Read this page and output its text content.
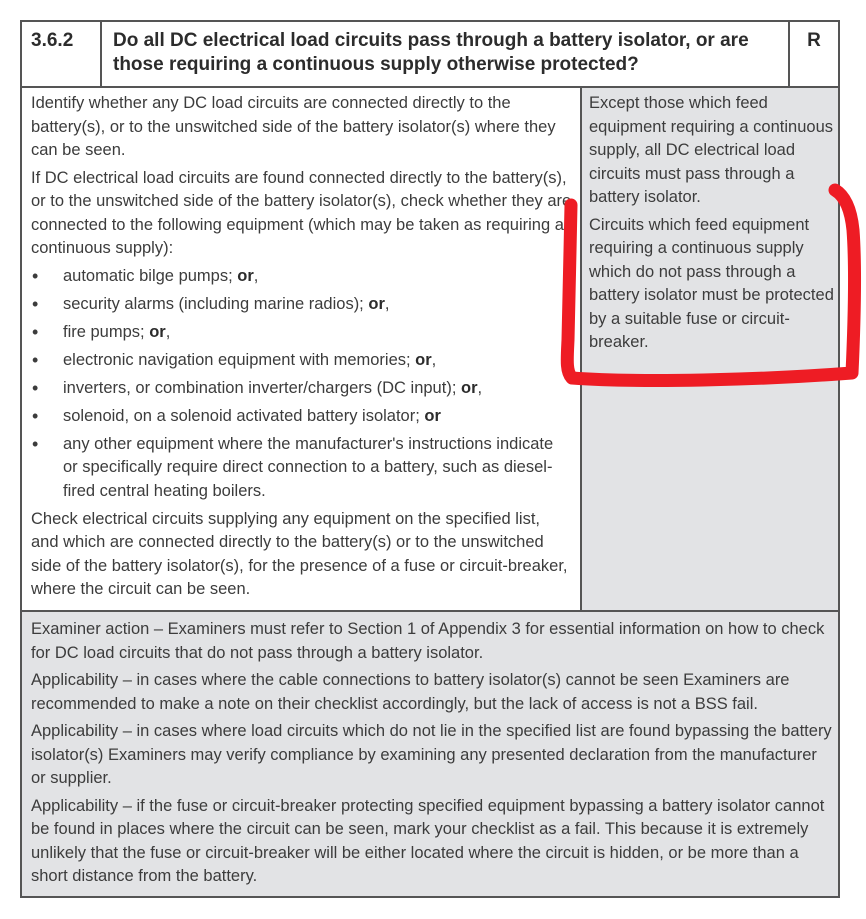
3.6.2	Do all DC electrical load circuits pass through a battery isolator, or are those requiring a continuous supply otherwise protected?
R

Identify whether any DC load circuits are connected directly to the battery(s), or to the unswitched side of the battery isolator(s) where they can be seen.

If DC electrical load circuits are found connected directly to the battery(s), or to the unswitched side of the battery isolator(s), check whether they are connected to the following equipment (which may be taken as requiring a continuous supply):

• automatic bilge pumps; or,
• security alarms (including marine radios); or,
• fire pumps; or,
• electronic navigation equipment with memories; or,
• inverters, or combination inverter/chargers (DC input); or,
• solenoid, on a solenoid activated battery isolator; or
• any other equipment where the manufacturer's instructions indicate or specifically require direct connection to a battery, such as diesel-fired central heating boilers.

Check electrical circuits supplying any equipment on the specified list, and which are connected directly to the battery(s) or to the unswitched side of the battery isolator(s), for the presence of a fuse or circuit-breaker, where the circuit can be seen.

Except those which feed equipment requiring a continuous supply, all DC electrical load circuits must pass through a battery isolator.

Circuits which feed equipment requiring a continuous supply which do not pass through a battery isolator must be protected by a suitable fuse or circuit-breaker.

Examiner action – Examiners must refer to Section 1 of Appendix 3 for essential information on how to check for DC load circuits that do not pass through a battery isolator.

Applicability – in cases where the cable connections to battery isolator(s) cannot be seen Examiners are recommended to make a note on their checklist accordingly, but the lack of access is not a BSS fail.

Applicability – in cases where load circuits which do not lie in the specified list are found bypassing the battery isolator(s) Examiners may verify compliance by examining any presented declaration from the manufacturer or supplier.

Applicability – if the fuse or circuit-breaker protecting specified equipment bypassing a battery isolator cannot be found in places where the circuit can be seen, mark your checklist as a fail. This because it is extremely unlikely that the fuse or circuit-breaker will be either located where the circuit is hidden, or be more than a short distance from the battery.
